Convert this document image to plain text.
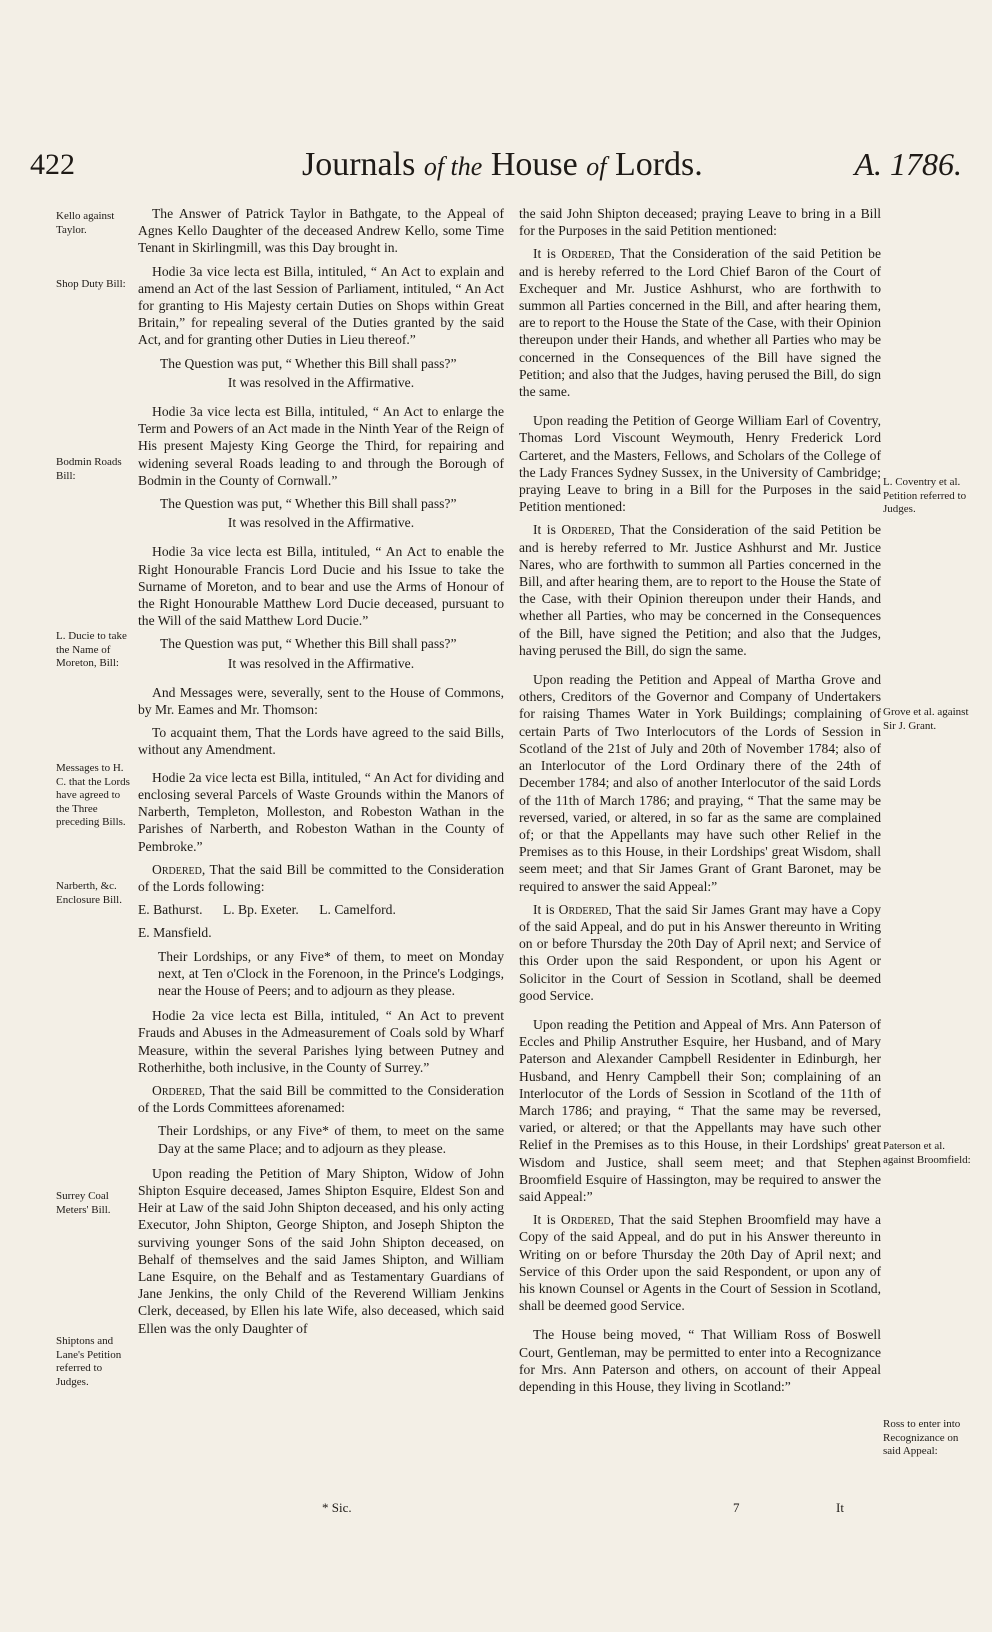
422	Journals of the House of Lords.	A. 1786.
Kello against Taylor.
Shop Duty Bill:
Bodmin Roads Bill:
L. Ducie to take the Name of Moreton, Bill:
Messages to H. C. that the Lords have agreed to the Three preceding Bills.
Narberth, &c. Enclosure Bill.
Surrey Coal Meters' Bill.
Shiptons and Lane's Petition referred to Judges.
L. Coventry et al. Petition referred to Judges.
Grove et al. against Sir J. Grant.
Paterson et al. against Broomfield:
Ross to enter into Recognizance on said Appeal:

The Answer of Patrick Taylor in Bathgate, to the Appeal of Agnes Kello Daughter of the deceased Andrew Kello, some Time Tenant in Skirlingmill, was this Day brought in.

Hodie 3a vice lecta est Billa, intituled, “ An Act to explain and amend an Act of the last Session of Parliament, intituled, “ An Act for granting to His Majesty certain Duties on Shops within Great Britain,” for repealing several of the Duties granted by the said Act, and for granting other Duties in Lieu thereof.”

The Question was put, “ Whether this Bill shall pass?”

It was resolved in the Affirmative.

Hodie 3a vice lecta est Billa, intituled, “ An Act to enlarge the Term and Powers of an Act made in the Ninth Year of the Reign of His present Majesty King George the Third, for repairing and widening several Roads leading to and through the Borough of Bodmin in the County of Cornwall.”

The Question was put, “ Whether this Bill shall pass?”

It was resolved in the Affirmative.

Hodie 3a vice lecta est Billa, intituled, “ An Act to enable the Right Honourable Francis Lord Ducie and his Issue to take the Surname of Moreton, and to bear and use the Arms of Honour of the Right Honourable Matthew Lord Ducie deceased, pursuant to the Will of the said Matthew Lord Ducie.”

The Question was put, “ Whether this Bill shall pass?”

It was resolved in the Affirmative.

And Messages were, severally, sent to the House of Commons, by Mr. Eames and Mr. Thomson:

To acquaint them, That the Lords have agreed to the said Bills, without any Amendment.

Hodie 2a vice lecta est Billa, intituled, “ An Act for dividing and enclosing several Parcels of Waste Grounds within the Manors of Narberth, Templeton, Molleston, and Robeston Wathan in the Parishes of Narberth, and Robeston Wathan in the County of Pembroke.”

Ordered, That the said Bill be committed to the Consideration of the Lords following:

E. Bathurst.      L. Bp. Exeter.      L. Camelford.

E. Mansfield.

Their Lordships, or any Five* of them, to meet on Monday next, at Ten o'Clock in the Forenoon, in the Prince's Lodgings, near the House of Peers; and to adjourn as they please.

Hodie 2a vice lecta est Billa, intituled, “ An Act to prevent Frauds and Abuses in the Admeasurement of Coals sold by Wharf Measure, within the several Parishes lying between Putney and Rotherhithe, both inclusive, in the County of Surrey.”

Ordered, That the said Bill be committed to the Consideration of the Lords Committees aforenamed:

Their Lordships, or any Five* of them, to meet on the same Day at the same Place; and to adjourn as they please.

Upon reading the Petition of Mary Shipton, Widow of John Shipton Esquire deceased, James Shipton Esquire, Eldest Son and Heir at Law of the said John Shipton deceased, and his only acting Executor, John Shipton, George Shipton, and Joseph Shipton the surviving younger Sons of the said John Shipton deceased, on Behalf of themselves and the said James Shipton, and William Lane Esquire, on the Behalf and as Testamentary Guardians of Jane Jenkins, the only Child of the Reverend William Jenkins Clerk, deceased, by Ellen his late Wife, also deceased, which said Ellen was the only Daughter of

* Sic.

the said John Shipton deceased; praying Leave to bring in a Bill for the Purposes in the said Petition mentioned:

It is Ordered, That the Consideration of the said Petition be and is hereby referred to the Lord Chief Baron of the Court of Exchequer and Mr. Justice Ashhurst, who are forthwith to summon all Parties concerned in the Bill, and after hearing them, are to report to the House the State of the Case, with their Opinion thereupon under their Hands, and whether all Parties who may be concerned in the Consequences of the Bill have signed the Petition; and also that the Judges, having perused the Bill, do sign the same.

Upon reading the Petition of George William Earl of Coventry, Thomas Lord Viscount Weymouth, Henry Frederick Lord Carteret, and the Masters, Fellows, and Scholars of the College of the Lady Frances Sydney Sussex, in the University of Cambridge; praying Leave to bring in a Bill for the Purposes in the said Petition mentioned:

It is Ordered, That the Consideration of the said Petition be and is hereby referred to Mr. Justice Ashhurst and Mr. Justice Nares, who are forthwith to summon all Parties concerned in the Bill, and after hearing them, are to report to the House the State of the Case, with their Opinion thereupon under their Hands, and whether all Parties, who may be concerned in the Consequences of the Bill, have signed the Petition; and also that the Judges, having perused the Bill, do sign the same.

Upon reading the Petition and Appeal of Martha Grove and others, Creditors of the Governor and Company of Undertakers for raising Thames Water in York Buildings; complaining of certain Parts of Two Interlocutors of the Lords of Session in Scotland of the 21st of July and 20th of November 1784; also of an Interlocutor of the Lord Ordinary there of the 24th of December 1784; and also of another Interlocutor of the said Lords of the 11th of March 1786; and praying, “ That the same may be reversed, varied, or altered, in so far as the same are complained of; or that the Appellants may have such other Relief in the Premises as to this House, in their Lordships' great Wisdom, shall seem meet; and that Sir James Grant of Grant Baronet, may be required to answer the said Appeal:”

It is Ordered, That the said Sir James Grant may have a Copy of the said Appeal, and do put in his Answer thereunto in Writing on or before Thursday the 20th Day of April next; and Service of this Order upon the said Respondent, or upon his Agent or Solicitor in the Court of Session in Scotland, shall be deemed good Service.

Upon reading the Petition and Appeal of Mrs. Ann Paterson of Eccles and Philip Anstruther Esquire, her Husband, and of Mary Paterson and Alexander Campbell Residenter in Edinburgh, her Husband, and Henry Campbell their Son; complaining of an Interlocutor of the Lords of Session in Scotland of the 11th of March 1786; and praying, “ That the same may be reversed, varied, or altered; or that the Appellants may have such other Relief in the Premises as to this House, in their Lordships' great Wisdom and Justice, shall seem meet; and that Stephen Broomfield Esquire of Hassington, may be required to answer the said Appeal:”

It is Ordered, That the said Stephen Broomfield may have a Copy of the said Appeal, and do put in his Answer thereunto in Writing on or before Thursday the 20th Day of April next; and Service of this Order upon the said Respondent, or upon any of his known Counsel or Agents in the Court of Session in Scotland, shall be deemed good Service.

The House being moved, “ That William Ross of Boswell Court, Gentleman, may be permitted to enter into a Recognizance for Mrs. Ann Paterson and others, on account of their Appeal depending in this House, they living in Scotland:”

7	It
